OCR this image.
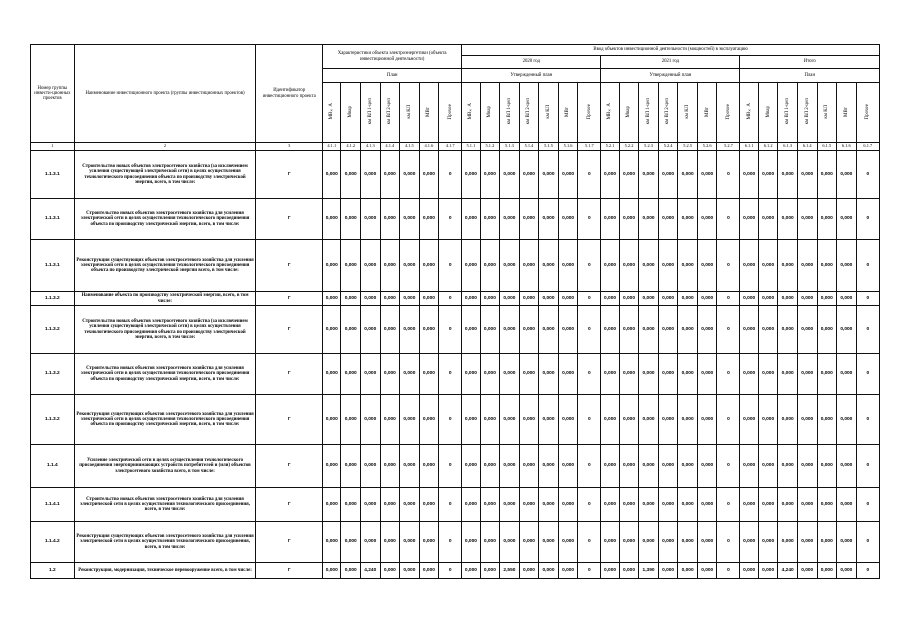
Номер группы инвести-ционных проектов	Наименование инвестиционного проекта (группы инвестиционных проектов)	Идентификатор инвестиционного проекта	Характеристики объекта электроэнергетики (объекта инвестиционной деятельности)							Ввод объектов инвестиционной деятельности (мощностей) в эксплуатацию																				
										2020 год							2021 год							Итого						
			План							Утвержденный план							Утвержденный план							План						
			МВ×А	Мвар	км ВЛ 1-цеп	км ВЛ 2-цеп	км КЛ	МВт	Прочее	МВ×А	Мвар	км ВЛ 1-цеп	км ВЛ 2-цеп	км КЛ	МВт	Прочее	МВ×А	Мвар	км ВЛ 1-цеп	км ВЛ 2-цеп	км КЛ	МВт	Прочее	МВ×А	Мвар	км ВЛ 1-цеп	км ВЛ 2-цеп	км КЛ	МВт	Прочее
1	2	3	4.1.1	4.1.2	4.1.3	4.1.4	4.1.5	4.1.6	4.1.7	5.1.1	5.1.2	5.1.3	5.1.4	5.1.5	5.1.6	5.1.7	5.2.1	5.2.2	5.2.3	5.2.4	5.2.5	5.2.6	5.2.7	6.1.1	6.1.2	6.1.3	6.1.4	6.1.5	6.1.6	6.1.7
1.1.3.1	Строительство новых объектов электросетевого хозяйства (за исключением усиления существующей электрической сети) в целях осуществления технологического присоединения объекта по производству электрической энергии, всего, в том числе:	Г	0,000	0,000	0,000	0,000	0,000	0,000	0	0,000	0,000	0,000	0,000	0,000	0,000	0	0,000	0,000	0,000	0,000	0,000	0,000	0	0,000	0,000	0,000	0,000	0,000	0,000	0
1.1.3.1	Строительство новых объектов электросетевого хозяйства для усиления электрической сети в целях осуществления технологического присоединения объекта по производству электрической энергии, всего, в том числе:	Г	0,000	0,000	0,000	0,000	0,000	0,000	0	0,000	0,000	0,000	0,000	0,000	0,000	0	0,000	0,000	0,000	0,000	0,000	0,000	0	0,000	0,000	0,000	0,000	0,000	0,000	0
1.1.3.1	Реконструкция существующих объектов электросетевого хозяйства для усиления электрической сети в целях осуществления технологического присоединения объекта по производству электрической энергии всего, в том числе:	Г	0,000	0,000	0,000	0,000	0,000	0,000	0	0,000	0,000	0,000	0,000	0,000	0,000	0	0,000	0,000	0,000	0,000	0,000	0,000	0	0,000	0,000	0,000	0,000	0,000	0,000	0
1.1.3.2	Наименование объекта по производству электрической энергии, всего, в том числе:	Г	0,000	0,000	0,000	0,000	0,000	0,000	0	0,000	0,000	0,000	0,000	0,000	0,000	0	0,000	0,000	0,000	0,000	0,000	0,000	0	0,000	0,000	0,000	0,000	0,000	0,000	0
1.1.3.2	Строительство новых объектов электросетевого хозяйства (за исключением усиления существующей электрической сети) в целях осуществления технологического присоединения объекта по производству электрической энергии, всего, в том числе:	Г	0,000	0,000	0,000	0,000	0,000	0,000	0	0,000	0,000	0,000	0,000	0,000	0,000	0	0,000	0,000	0,000	0,000	0,000	0,000	0	0,000	0,000	0,000	0,000	0,000	0,000	0
1.1.3.2	Строительство новых объектов электросетевого хозяйства для усиления электрической сети в целях осуществления технологического присоединения объекта по производству электрической энергии, всего, в том числе:	Г	0,000	0,000	0,000	0,000	0,000	0,000	0	0,000	0,000	0,000	0,000	0,000	0,000	0	0,000	0,000	0,000	0,000	0,000	0,000	0	0,000	0,000	0,000	0,000	0,000	0,000	0
1.1.3.2	Реконструкция существующих объектов электросетевого хозяйства для усиления электрической сети в целях осуществления технологического присоединения объекта по производству электрической энергии, всего, в том числе:	Г	0,000	0,000	0,000	0,000	0,000	0,000	0	0,000	0,000	0,000	0,000	0,000	0,000	0	0,000	0,000	0,000	0,000	0,000	0,000	0	0,000	0,000	0,000	0,000	0,000	0,000	0
1.1.4	Усиление электрической сети в целях осуществления технологического присоединения энергопринимающих устройств потребителей и (или) объектов электросетевого хозяйства всего, в том числе:	Г	0,000	0,000	0,000	0,000	0,000	0,000	0	0,000	0,000	0,000	0,000	0,000	0,000	0	0,000	0,000	0,000	0,000	0,000	0,000	0	0,000	0,000	0,000	0,000	0,000	0,000	0
1.1.4.1	Строительство новых объектов электросетевого хозяйства для усиления электрической сети в целях осуществления технологического присоединения, всего, в том числе:	Г	0,000	0,000	0,000	0,000	0,000	0,000	0	0,000	0,000	0,000	0,000	0,000	0,000	0	0,000	0,000	0,000	0,000	0,000	0,000	0	0,000	0,000	0,000	0,000	0,000	0,000	0
1.1.4.2	Реконструкция существующих объектов электросетевого хозяйства для усиления электрической сети в целях осуществления технологического присоединения, всего, в том числе:	Г	0,000	0,000	0,000	0,000	0,000	0,000	0	0,000	0,000	0,000	0,000	0,000	0,000	0	0,000	0,000	0,000	0,000	0,000	0,000	0	0,000	0,000	0,000	0,000	0,000	0,000	0
1.2	Реконструкция, модернизация, техническое перевооружение всего, в том числе:	Г	0,000	0,000	4,240	0,000	0,000	0,000	0	0,000	0,000	2,550	0,000	0,000	0,000	0	0,000	0,000	1,390	0,000	0,000	0,000	0	0,000	0,000	4,240	0,000	0,000	0,000	0
